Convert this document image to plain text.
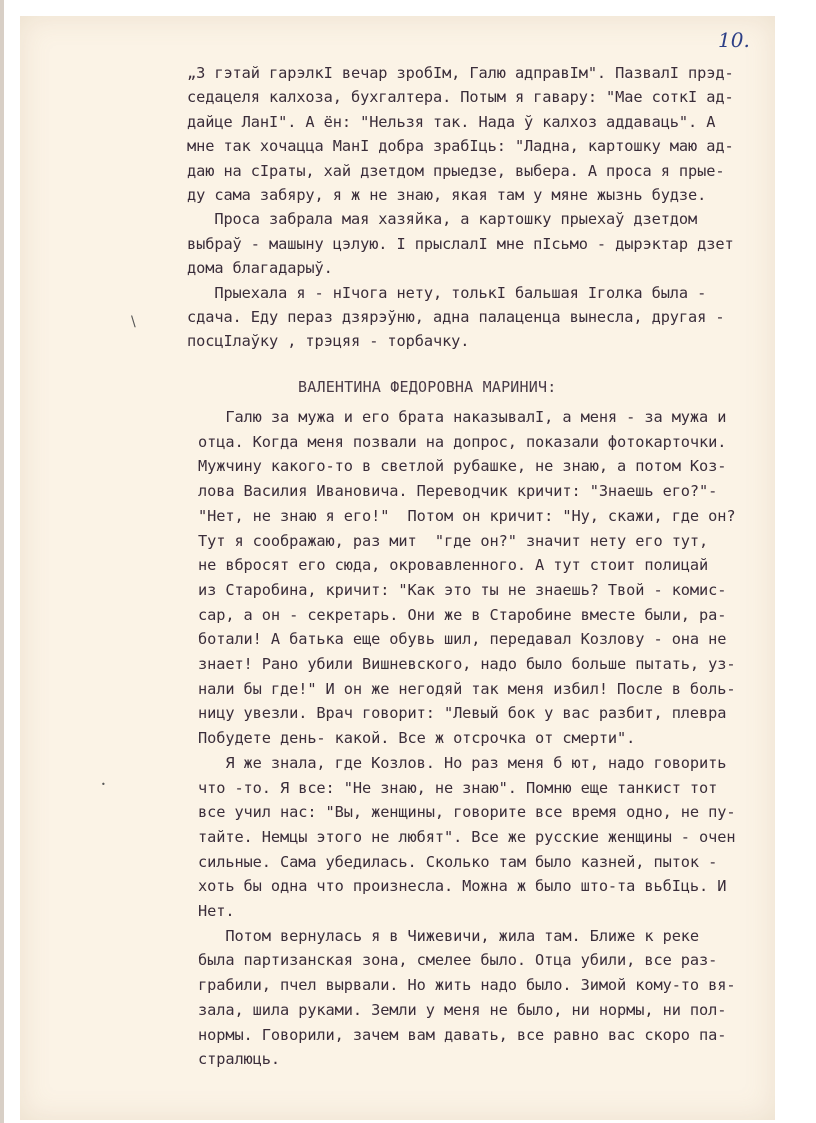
10.
\
•
„З гэтай гарэлкІ вечар зробІм, Галю адправІм". ПазвалІ прэд-
седацеля калхоза, бухгалтера. Потым я гавару: "Мае соткІ ад-
дайце ЛанІ". А ён: "Нельзя так. Нада ў калхоз аддаваць". А
мне так хочацца МанІ добра зрабІць: "Ладна, картошку маю ад-
даю на сІраты, хай дзетдом прыедзе, выбера. А проса я прые-
ду сама забяру, я ж не знаю, якая там у мяне жызнь будзе.
Проса забрала мая хазяйка, а картошку прыехаў дзетдом
выбраў - машыну цэлую. І прыслалІ мне пІсьмо - дырэктар дзет
дома благадарыў.
Прыехала я - нІчога нету, толькІ бальшая Іголка была -
сдача. Еду пераз дзярэўню, адна палаценца вынесла, другая -
посцІлаўку , трэцяя - торбачку.
ВАЛЕНТИНА ФЕДОРОВНА МАРИНИЧ:
Галю за мужа и его брата наказывалІ, а меня - за мужа и
отца. Когда меня позвали на допрос, показали фотокарточки.
Мужчину какого-то в светлой рубашке, не знаю, а потом Коз-
лова Василия Ивановича. Переводчик кричит: "Знаешь его?"-
"Нет, не знаю я его!"  Потом он кричит: "Ну, скажи, где он?
Тут я соображаю, раз мит  "где он?" значит нету его тут,
не вбросят его сюда, окровавленного. А тут стоит полицай
из Старобина, кричит: "Как это ты не знаешь? Твой - комис-
сар, а он - секретарь. Они же в Старобине вместе были, ра-
ботали! А батька еще обувь шил, передавал Козлову - она не
знает! Рано убили Вишневского, надо было больше пытать, уз-
нали бы где!" И он же негодяй так меня избил! После в боль-
ницу увезли. Врач говорит: "Левый бок у вас разбит, плевра
Побудете день- какой. Все ж отсрочка от смерти".
Я же знала, где Козлов. Но раз меня б ют, надо говорить
что -то. Я все: "Не знаю, не знаю". Помню еще танкист тот
все учил нас: "Вы, женщины, говорите все время одно, не пу-
тайте. Немцы этого не любят". Все же русские женщины - очен
сильные. Сама убедилась. Сколько там было казней, пыток -
хоть бы одна что произнесла. Можна ж было што-та вьбІць. И
Нет.
Потом вернулась я в Чижевичи, жила там. Ближе к реке
была партизанская зона, смелее было. Отца убили, все раз-
грабили, пчел вырвали. Но жить надо было. Зимой кому-то вя-
зала, шила руками. Земли у меня не было, ни нормы, ни пол-
нормы. Говорили, зачем вам давать, все равно вас скоро па-
стралюць.
